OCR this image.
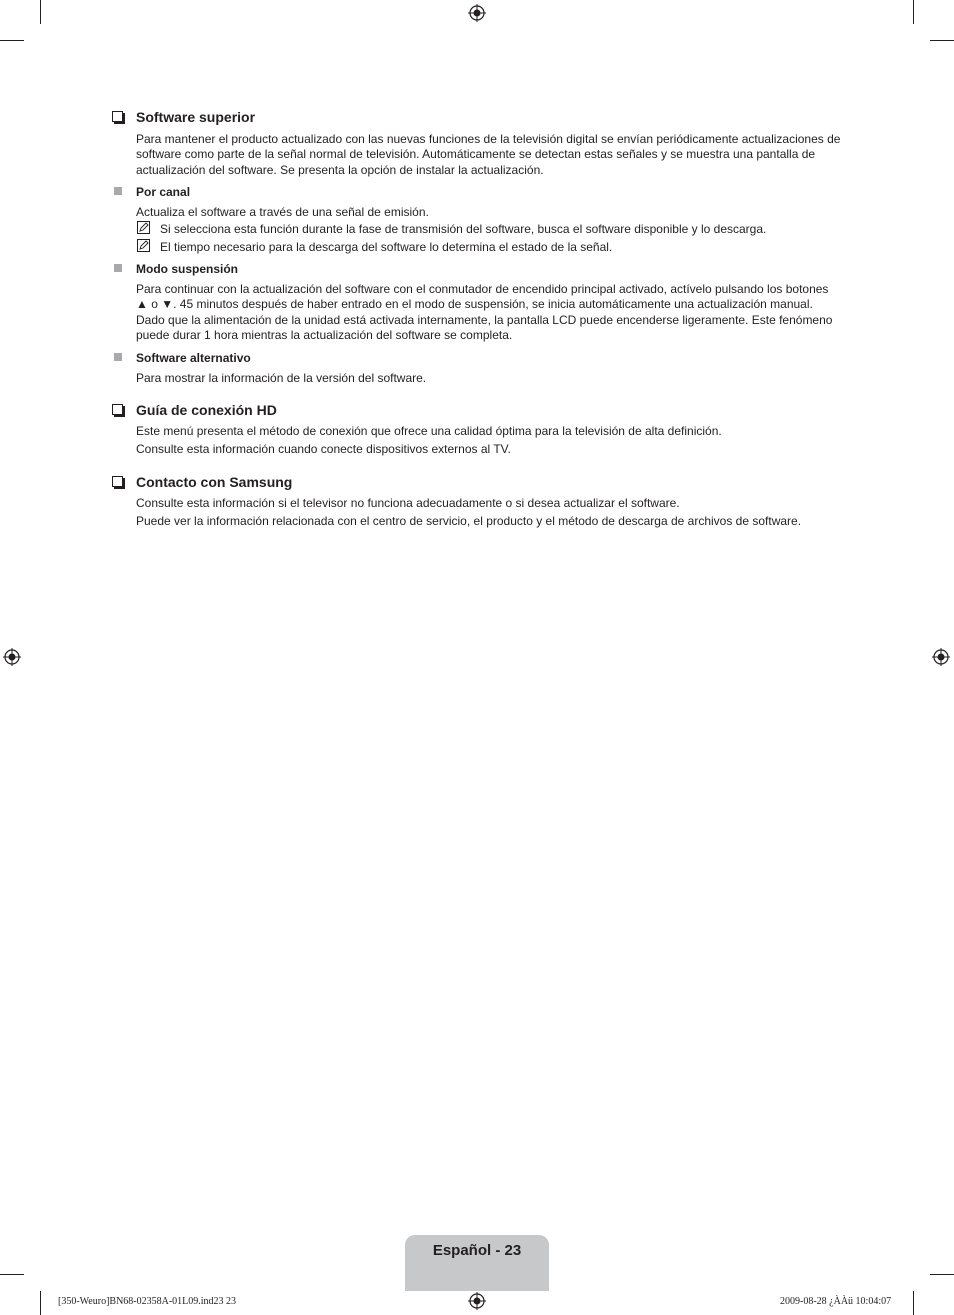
Software superior
Para mantener el producto actualizado con las nuevas funciones de la televisión digital se envían periódicamente actualizaciones de software como parte de la señal normal de televisión. Automáticamente se detectan estas señales y se muestra una pantalla de actualización del software. Se presenta la opción de instalar la actualización.
Por canal
Actualiza el software a través de una señal de emisión.
Si selecciona esta función durante la fase de transmisión del software, busca el software disponible y lo descarga.
El tiempo necesario para la descarga del software lo determina el estado de la señal.
Modo suspensión
Para continuar con la actualización del software con el conmutador de encendido principal activado, actívelo pulsando los botones ▲ o ▼. 45 minutos después de haber entrado en el modo de suspensión, se inicia automáticamente una actualización manual. Dado que la alimentación de la unidad está activada internamente, la pantalla LCD puede encenderse ligeramente. Este fenómeno puede durar 1 hora mientras la actualización del software se completa.
Software alternativo
Para mostrar la información de la versión del software.
Guía de conexión HD
Este menú presenta el método de conexión que ofrece una calidad óptima para la televisión de alta definición.
Consulte esta información cuando conecte dispositivos externos al TV.
Contacto con Samsung
Consulte esta información si el televisor no funciona adecuadamente o si desea actualizar el software.
Puede ver la información relacionada con el centro de servicio, el producto y el método de descarga de archivos de software.
Español - 23
[350-Weuro]BN68-02358A-01L09.ind23 23	2009-08-28 ¿ÀÀü 10:04:07
